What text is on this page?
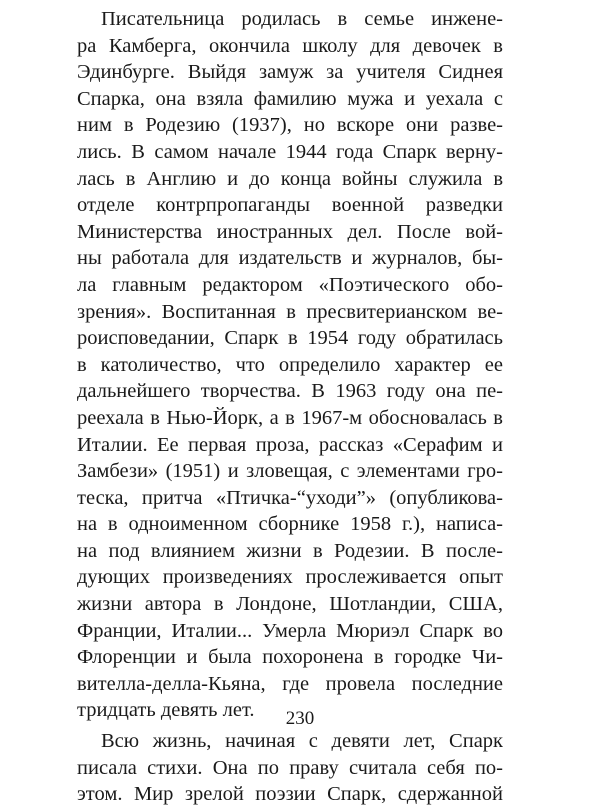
Писательница родилась в семье инжене-
ра Камберга, окончила школу для девочек в
Эдинбурге. Выйдя замуж за учителя Сиднея
Спарка, она взяла фамилию мужа и уехала с
ним в Родезию (1937), но вскоре они разве-
лись. В самом начале 1944 года Спарк верну-
лась в Англию и до конца войны служила в
отделе контрпропаганды военной разведки
Министерства иностранных дел. После вой-
ны работала для издательств и журналов, бы-
ла главным редактором «Поэтического обо-
зрения». Воспитанная в пресвитерианском ве-
роисповедании, Спарк в 1954 году обратилась
в католичество, что определило характер ее
дальнейшего творчества. В 1963 году она пе-
реехала в Нью-Йорк, а в 1967-м обосновалась в
Италии. Ее первая проза, рассказ «Серафим и
Замбези» (1951) и зловещая, с элементами гро-
теска, притча «Птичка-“уходи”» (опубликова-
на в одноименном сборнике 1958 г.), написа-
на под влиянием жизни в Родезии. В после-
дующих произведениях прослеживается опыт
жизни автора в Лондоне, Шотландии, США,
Франции, Италии... Умерла Мюриэл Спарк во
Флоренции и была похоронена в городке Чи-
вителла-делла-Кьяна, где провела последние
тридцать девять лет.
Всю жизнь, начиная с девяти лет, Спарк
писала стихи. Она по праву считала себя по-
этом. Мир зрелой поэзии Спарк, сдержанной
230
